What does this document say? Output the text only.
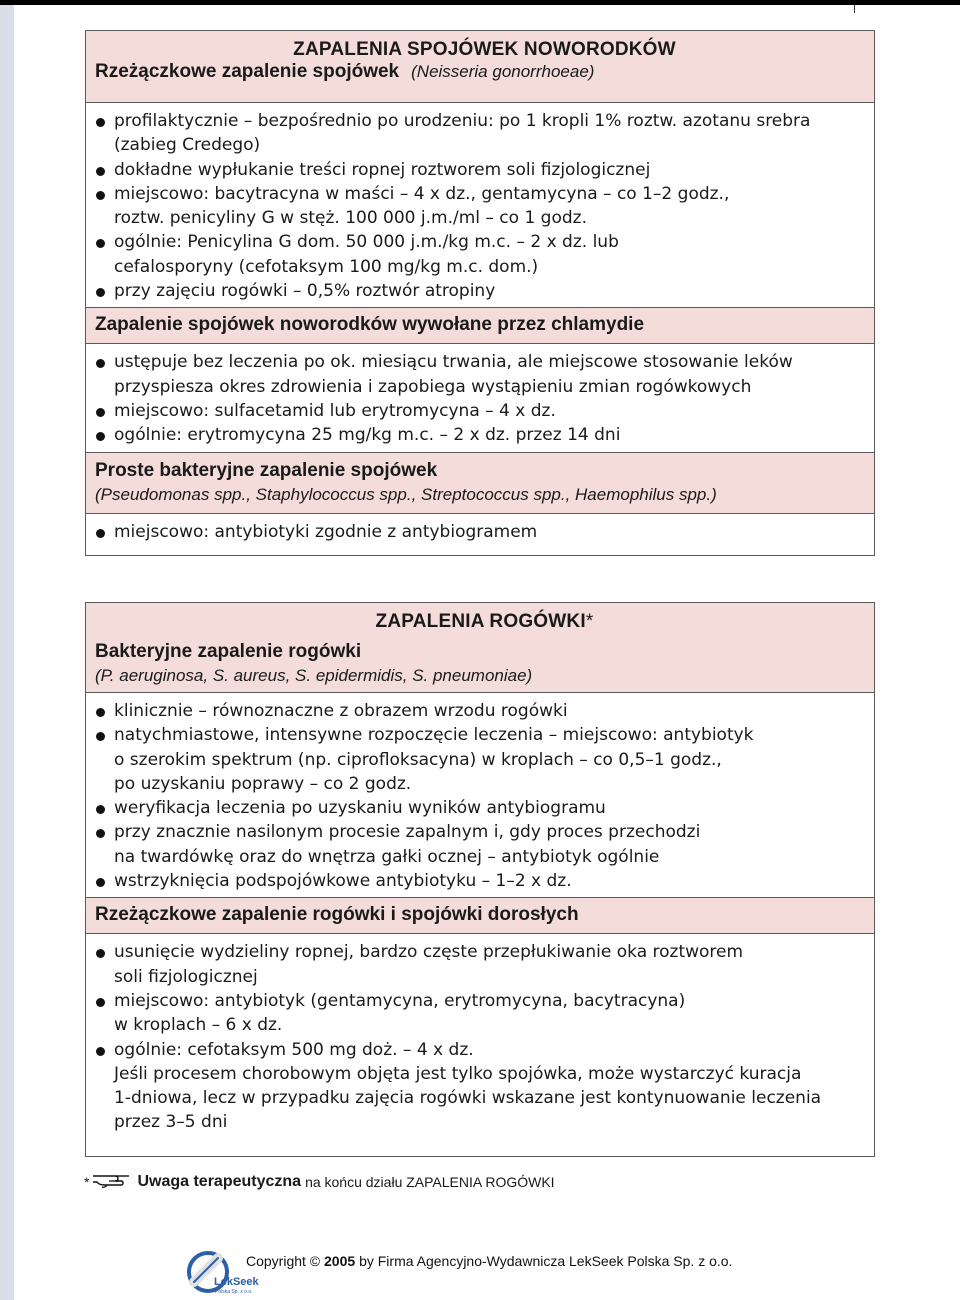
ZAPALENIA SPOJÓWEK NOWORODKÓW
Rzeżączkowe zapalenie spojówek (Neisseria gonorrhoeae)
profilaktycznie – bezpośrednio po urodzeniu: po 1 kropli 1% roztw. azotanu srebra
(zabieg Credego)
dokładne wypłukanie treści ropnej roztworem soli fizjologicznej
miejscowo: bacytracyna w maści – 4 x dz., gentamycyna – co 1–2 godz.,
roztw. penicyliny G w stęż. 100 000 j.m./ml – co 1 godz.
ogólnie: Penicylina G dom. 50 000 j.m./kg m.c. – 2 x dz. lub
cefalosporyny (cefotaksym 100 mg/kg m.c. dom.)
przy zajęciu rogówki – 0,5% roztwór atropiny
Zapalenie spojówek noworodków wywołane przez chlamydie
ustępuje bez leczenia po ok. miesiącu trwania, ale miejscowe stosowanie leków
przyspiesza okres zdrowienia i zapobiega wystąpieniu zmian rogówkowych
miejscowo: sulfacetamid lub erytromycyna – 4 x dz.
ogólnie: erytromycyna 25 mg/kg m.c. – 2 x dz. przez 14 dni
Proste bakteryjne zapalenie spojówek
(Pseudomonas spp., Staphylococcus spp., Streptococcus spp., Haemophilus spp.)
miejscowo: antybiotyki zgodnie z antybiogramem
ZAPALENIA ROGÓWKI*
Bakteryjne zapalenie rogówki
(P. aeruginosa, S. aureus, S. epidermidis, S. pneumoniae)
klinicznie – równoznaczne z obrazem wrzodu rogówki
natychmiastowe, intensywne rozpoczęcie leczenia – miejscowo: antybiotyk
o szerokim spektrum (np. ciprofloksacyna) w kroplach – co 0,5–1 godz.,
po uzyskaniu poprawy – co 2 godz.
weryfikacja leczenia po uzyskaniu wyników antybiogramu
przy znacznie nasilonym procesie zapalnym i, gdy proces przechodzi
na twardówkę oraz do wnętrza gałki ocznej – antybiotyk ogólnie
wstrzyknięcia podspojówkowe antybiotyku – 1–2 x dz.
Rzeżączkowe zapalenie rogówki i spojówki dorosłych
usunięcie wydzieliny ropnej, bardzo częste przepłukiwanie oka roztworem
soli fizjologicznej
miejscowo: antybiotyk (gentamycyna, erytromycyna, bacytracyna)
w kroplach – 6 x dz.
ogólnie: cefotaksym 500 mg doż. – 4 x dz.
Jeśli procesem chorobowym objęta jest tylko spojówka, może wystarczyć kuracja
1-dniowa, lecz w przypadku zajęcia rogówki wskazane jest kontynuowanie leczenia
przez 3–5 dni
*	Uwaga terapeutyczna na końcu działu ZAPALENIA ROGÓWKI
LekSeek
Polska Sp. z o.o.
Copyright © 2005 by Firma Agencyjno-Wydawnicza LekSeek Polska Sp. z o.o.
